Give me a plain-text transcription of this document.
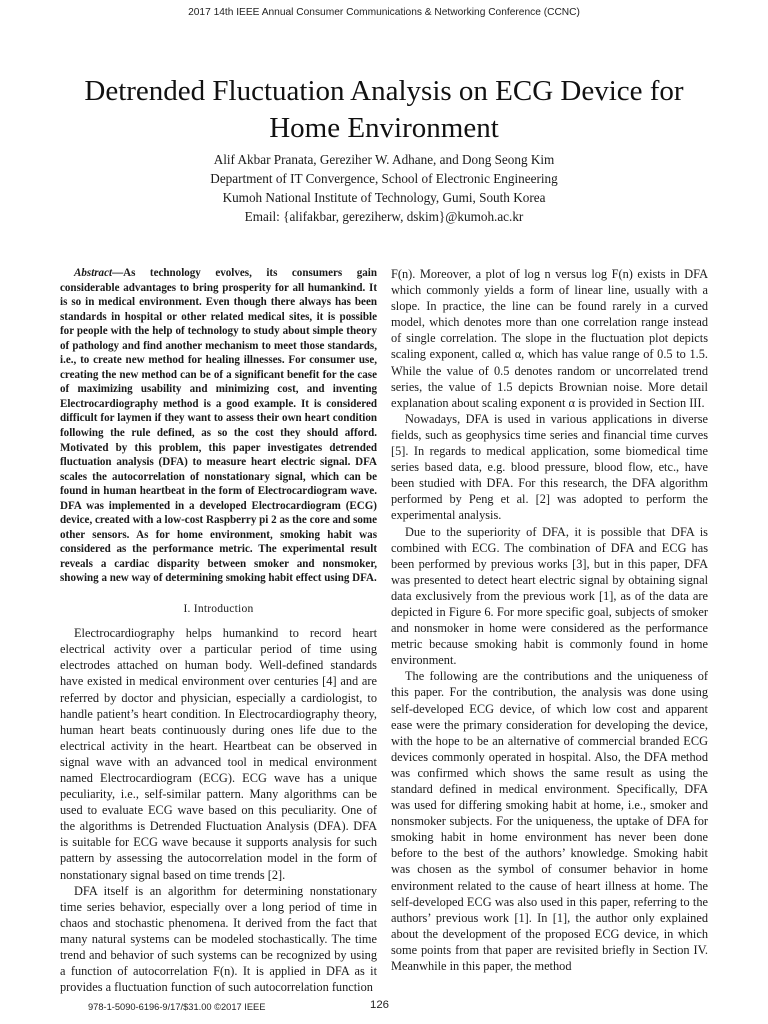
2017 14th IEEE Annual Consumer Communications & Networking Conference (CCNC)
Detrended Fluctuation Analysis on ECG Device for
Home Environment
Alif Akbar Pranata, Gereziher W. Adhane, and Dong Seong Kim
Department of IT Convergence, School of Electronic Engineering
Kumoh National Institute of Technology, Gumi, South Korea
Email: {alifakbar, gereziherw, dskim}@kumoh.ac.kr

Abstract—As technology evolves, its consumers gain considerable advantages to bring prosperity for all humankind. It is so in medical environment. Even though there always has been standards in hospital or other related medical sites, it is possible for people with the help of technology to study about simple theory of pathology and find another mechanism to meet those standards, i.e., to create new method for healing illnesses. For consumer use, creating the new method can be of a significant benefit for the case of maximizing usability and minimizing cost, and inventing Electrocardiography method is a good example. It is considered difficult for laymen if they want to assess their own heart condition following the rule defined, as so the cost they should afford. Motivated by this problem, this paper investigates detrended fluctuation analysis (DFA) to measure heart electric signal. DFA scales the autocorrelation of nonstationary signal, which can be found in human heartbeat in the form of Electrocardiogram wave. DFA was implemented in a developed Electrocardiogram (ECG) device, created with a low-cost Raspberry pi 2 as the core and some other sensors. As for home environment, smoking habit was considered as the performance metric. The experimental result reveals a cardiac disparity between smoker and nonsmoker, showing a new way of determining smoking habit effect using DFA.

I. Introduction

Electrocardiography helps humankind to record heart electrical activity over a particular period of time using electrodes attached on human body. Well-defined standards have existed in medical environment over centuries [4] and are referred by doctor and physician, especially a cardiologist, to handle patient’s heart condition. In Electrocardiography theory, human heart beats continuously during ones life due to the electrical activity in the heart. Heartbeat can be observed in signal wave with an advanced tool in medical environment named Electrocardiogram (ECG). ECG wave has a unique peculiarity, i.e., self-similar pattern. Many algorithms can be used to evaluate ECG wave based on this peculiarity. One of the algorithms is Detrended Fluctuation Analysis (DFA). DFA is suitable for ECG wave because it supports analysis for such pattern by assessing the autocorrelation model in the form of nonstationary signal based on time trends [2].

DFA itself is an algorithm for determining nonstationary time series behavior, especially over a long period of time in chaos and stochastic phenomena. It derived from the fact that many natural systems can be modeled stochastically. The time trend and behavior of such systems can be recognized by using a function of autocorrelation F(n). It is applied in DFA as it provides a fluctuation function of such autocorrelation function

F(n). Moreover, a plot of log n versus log F(n) exists in DFA which commonly yields a form of linear line, usually with a slope. In practice, the line can be found rarely in a curved model, which denotes more than one correlation range instead of single correlation. The slope in the fluctuation plot depicts scaling exponent, called α, which has value range of 0.5 to 1.5. While the value of 0.5 denotes random or uncorrelated trend series, the value of 1.5 depicts Brownian noise. More detail explanation about scaling exponent α is provided in Section III.

Nowadays, DFA is used in various applications in diverse fields, such as geophysics time series and financial time curves [5]. In regards to medical application, some biomedical time series based data, e.g. blood pressure, blood flow, etc., have been studied with DFA. For this research, the DFA algorithm performed by Peng et al. [2] was adopted to perform the experimental analysis.

Due to the superiority of DFA, it is possible that DFA is combined with ECG. The combination of DFA and ECG has been performed by previous works [3], but in this paper, DFA was presented to detect heart electric signal by obtaining signal data exclusively from the previous work [1], as of the data are depicted in Figure 6. For more specific goal, subjects of smoker and nonsmoker in home were considered as the performance metric because smoking habit is commonly found in home environment.

The following are the contributions and the uniqueness of this paper. For the contribution, the analysis was done using self-developed ECG device, of which low cost and apparent ease were the primary consideration for developing the device, with the hope to be an alternative of commercial branded ECG devices commonly operated in hospital. Also, the DFA method was confirmed which shows the same result as using the standard defined in medical environment. Specifically, DFA was used for differing smoking habit at home, i.e., smoker and nonsmoker subjects. For the uniqueness, the uptake of DFA for smoking habit in home environment has never been done before to the best of the authors’ knowledge. Smoking habit was chosen as the symbol of consumer behavior in home environment related to the cause of heart illness at home. The self-developed ECG was also used in this paper, referring to the authors’ previous work [1]. In [1], the author only explained about the development of the proposed ECG device, in which some points from that paper are revisited briefly in Section IV. Meanwhile in this paper, the method

978-1-5090-6196-9/17/$31.00 ©2017 IEEE	126
